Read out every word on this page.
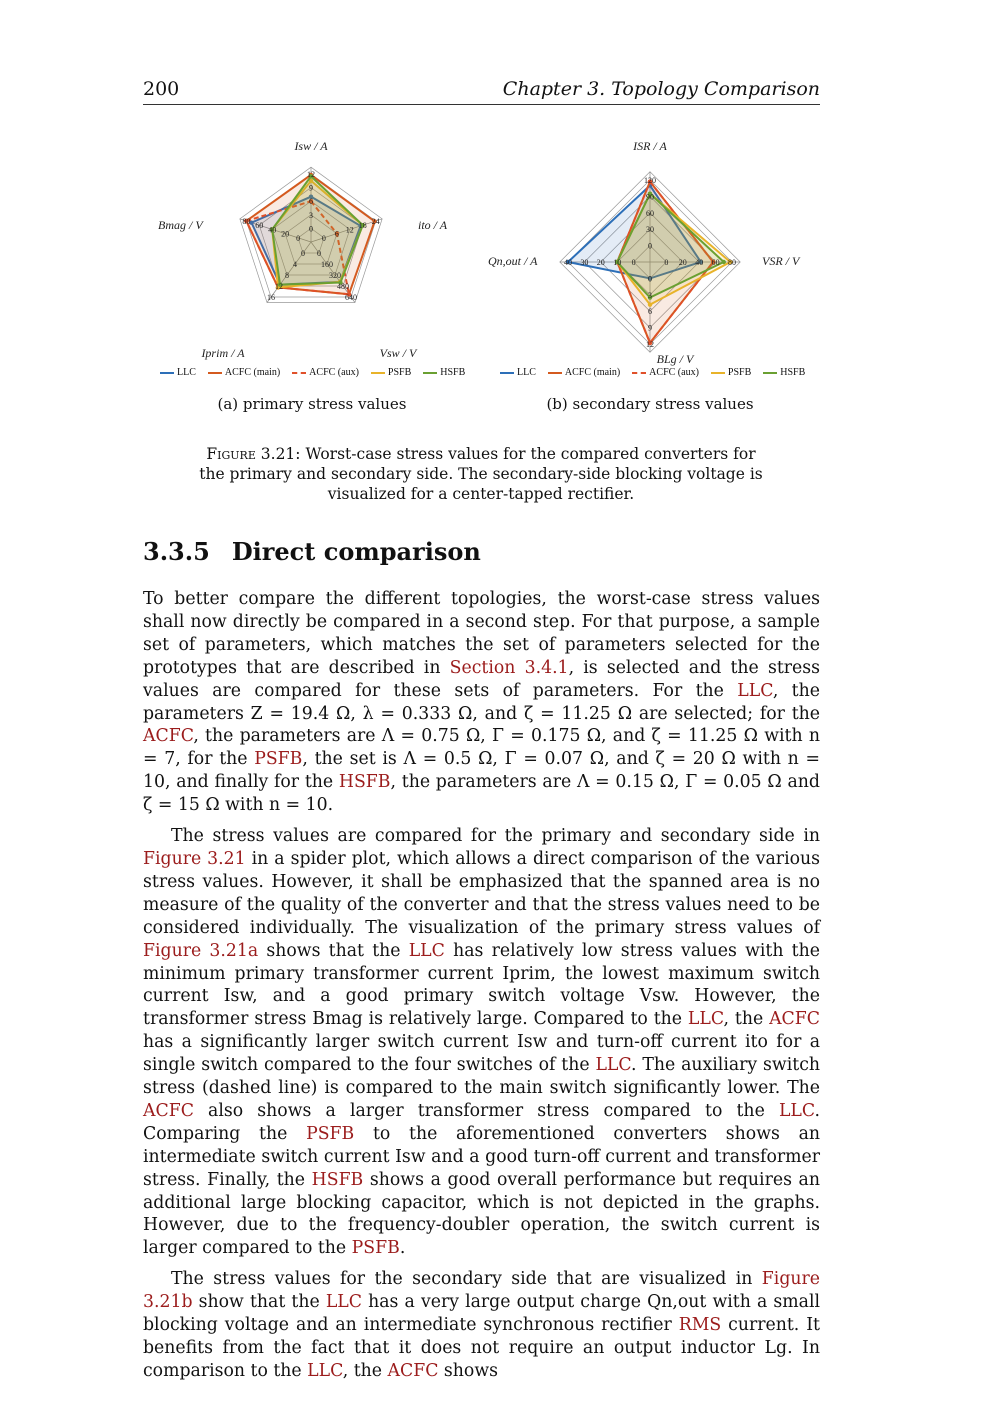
200	Chapter 3. Topology Comparison
0
3
6
9
12
0 6 12 18 24
0
160
320
480
640
0
4
8
12
16
0
20
40
60
80
Isw / A
ito / A
Vsw / V
Iprim / A
Bmag / V
0
30
60
90
120
0 20 40 60 80
0
3
6
9
12
0
10
20
30
40
ISR / A
VSR / V
BLg / V
Qn,out / A
LLC	ACFC (main)	ACFC (aux)	PSFB	HSFB	LLC	ACFC (main)	ACFC (aux)	PSFB	HSFB
(a) primary stress values	(b) secondary stress values
Figure 3.21: Worst-case stress values for the compared converters for the primary and secondary side. The secondary-side blocking voltage is visualized for a center-tapped rectifier.
3.3.5 Direct comparison

To better compare the different topologies, the worst-case stress values shall now directly be compared in a second step. For that purpose, a sample set of parameters, which matches the set of parameters selected for the prototypes that are described in Section 3.4.1, is selected and the stress values are compared for these sets of parameters. For the LLC, the parameters Z = 19.4 Ω, λ = 0.333 Ω, and ζ = 11.25 Ω are selected; for the ACFC, the parameters are Λ = 0.75 Ω, Γ = 0.175 Ω, and ζ = 11.25 Ω with n = 7, for the PSFB, the set is Λ = 0.5 Ω, Γ = 0.07 Ω, and ζ = 20 Ω with n = 10, and finally for the HSFB, the parameters are Λ = 0.15 Ω, Γ = 0.05 Ω and ζ = 15 Ω with n = 10.

The stress values are compared for the primary and secondary side in Figure 3.21 in a spider plot, which allows a direct comparison of the various stress values. However, it shall be emphasized that the spanned area is no measure of the quality of the converter and that the stress values need to be considered individually. The visualization of the primary stress values of Figure 3.21a shows that the LLC has relatively low stress values with the minimum primary transformer current Iprim, the lowest maximum switch current Isw, and a good primary switch voltage Vsw. However, the transformer stress Bmag is relatively large. Compared to the LLC, the ACFC has a significantly larger switch current Isw and turn-off current ito for a single switch compared to the four switches of the LLC. The auxiliary switch stress (dashed line) is compared to the main switch significantly lower. The ACFC also shows a larger transformer stress compared to the LLC. Comparing the PSFB to the aforementioned converters shows an intermediate switch current Isw and a good turn-off current and transformer stress. Finally, the HSFB shows a good overall performance but requires an additional large blocking capacitor, which is not depicted in the graphs. However, due to the frequency-doubler operation, the switch current is larger compared to the PSFB.

The stress values for the secondary side that are visualized in Figure 3.21b show that the LLC has a very large output charge Qn,out with a small blocking voltage and an intermediate synchronous rectifier RMS current. It benefits from the fact that it does not require an output inductor Lg. In comparison to the LLC, the ACFC shows
